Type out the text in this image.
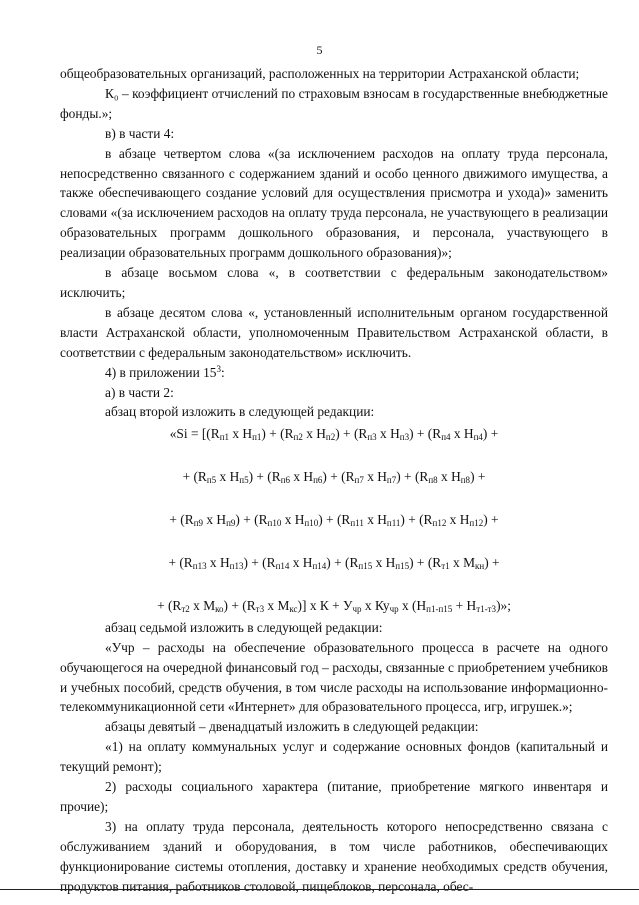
5

общеобразовательных организаций, расположенных на территории Астраханской области;

К₀ – коэффициент отчислений по страховым взносам в государственные внебюджетные фонды.»;

в) в части 4:

в абзаце четвертом слова «(за исключением расходов на оплату труда персонала, непосредственно связанного с содержанием зданий и особо ценного движимого имущества, а также обеспечивающего создание условий для осуществления присмотра и ухода)» заменить словами «(за исключением расходов на оплату труда персонала, не участвующего в реализации образовательных программ дошкольного образования, и персонала, участвующего в реализации образовательных программ дошкольного образования)»;

в абзаце восьмом слова «, в соответствии с федеральным законодательством» исключить;

в абзаце десятом слова «, установленный исполнительным органом государственной власти Астраханской области, уполномоченным Правительством Астраханской области, в соответствии с федеральным законодательством» исключить.

4) в приложении $15^3$:

а) в части 2:

абзац второй изложить в следующей редакции:

«$Si = [(R_{п1}$ х $Н_{п1}) + (R_{п2}$ х $Н_{п2}) + (R_{п3}$ х $Н_{п3}) + (R_{п4}$ х $Н_{п4}$) +

+ ($R_{п5}$ х $Н_{п5}) + (R_{п6}$ х $Н_{п6}) + (R_{п7}$ х $Н_{п7}) + (R_{п8}$ х $Н_{п8}$) +

+ ($R_{п9}$ х $Н_{п9}) + (R_{п10}$ х $Н_{п10}) + (R_{п11}$ х $Н_{п11}) + (R_{п12}$ х $Н_{п12}$) +

+ ($R_{п13}$ х $Н_{п13}) + (R_{п14}$ х $Н_{п14}) + (R_{п15}$ х $Н_{п15}) + (R_{т1}$ х $М_{кн}$) +

+ ($R_{т2}$ х $М_{ко}) + (R_{т3}$ х $М_{кс}$)] х $К + У_{чр}$ х $Ку_{чр}$ х $(Н_{п1-п15} + Н_{т1-т3})$»;

абзац седьмой изложить в следующей редакции:

«Учр – расходы на обеспечение образовательного процесса в расчете на одного обучающегося на очередной финансовый год – расходы, связанные с приобретением учебников и учебных пособий, средств обучения, в том числе расходы на использование информационно-телекоммуникационной сети «Интернет» для образовательного процесса, игр, игрушек.»;

абзацы девятый – двенадцатый изложить в следующей редакции:

«1) на оплату коммунальных услуг и содержание основных фондов (капитальный и текущий ремонт);

2) расходы социального характера (питание, приобретение мягкого инвентаря и прочие);

3) на оплату труда персонала, деятельность которого непосредственно связана с обслуживанием зданий и оборудования, в том числе работников, обеспечивающих функционирование системы отопления, доставку и хранение необходимых средств обучения, продуктов питания, работников столовой, пищеблоков, персонала, обес-
